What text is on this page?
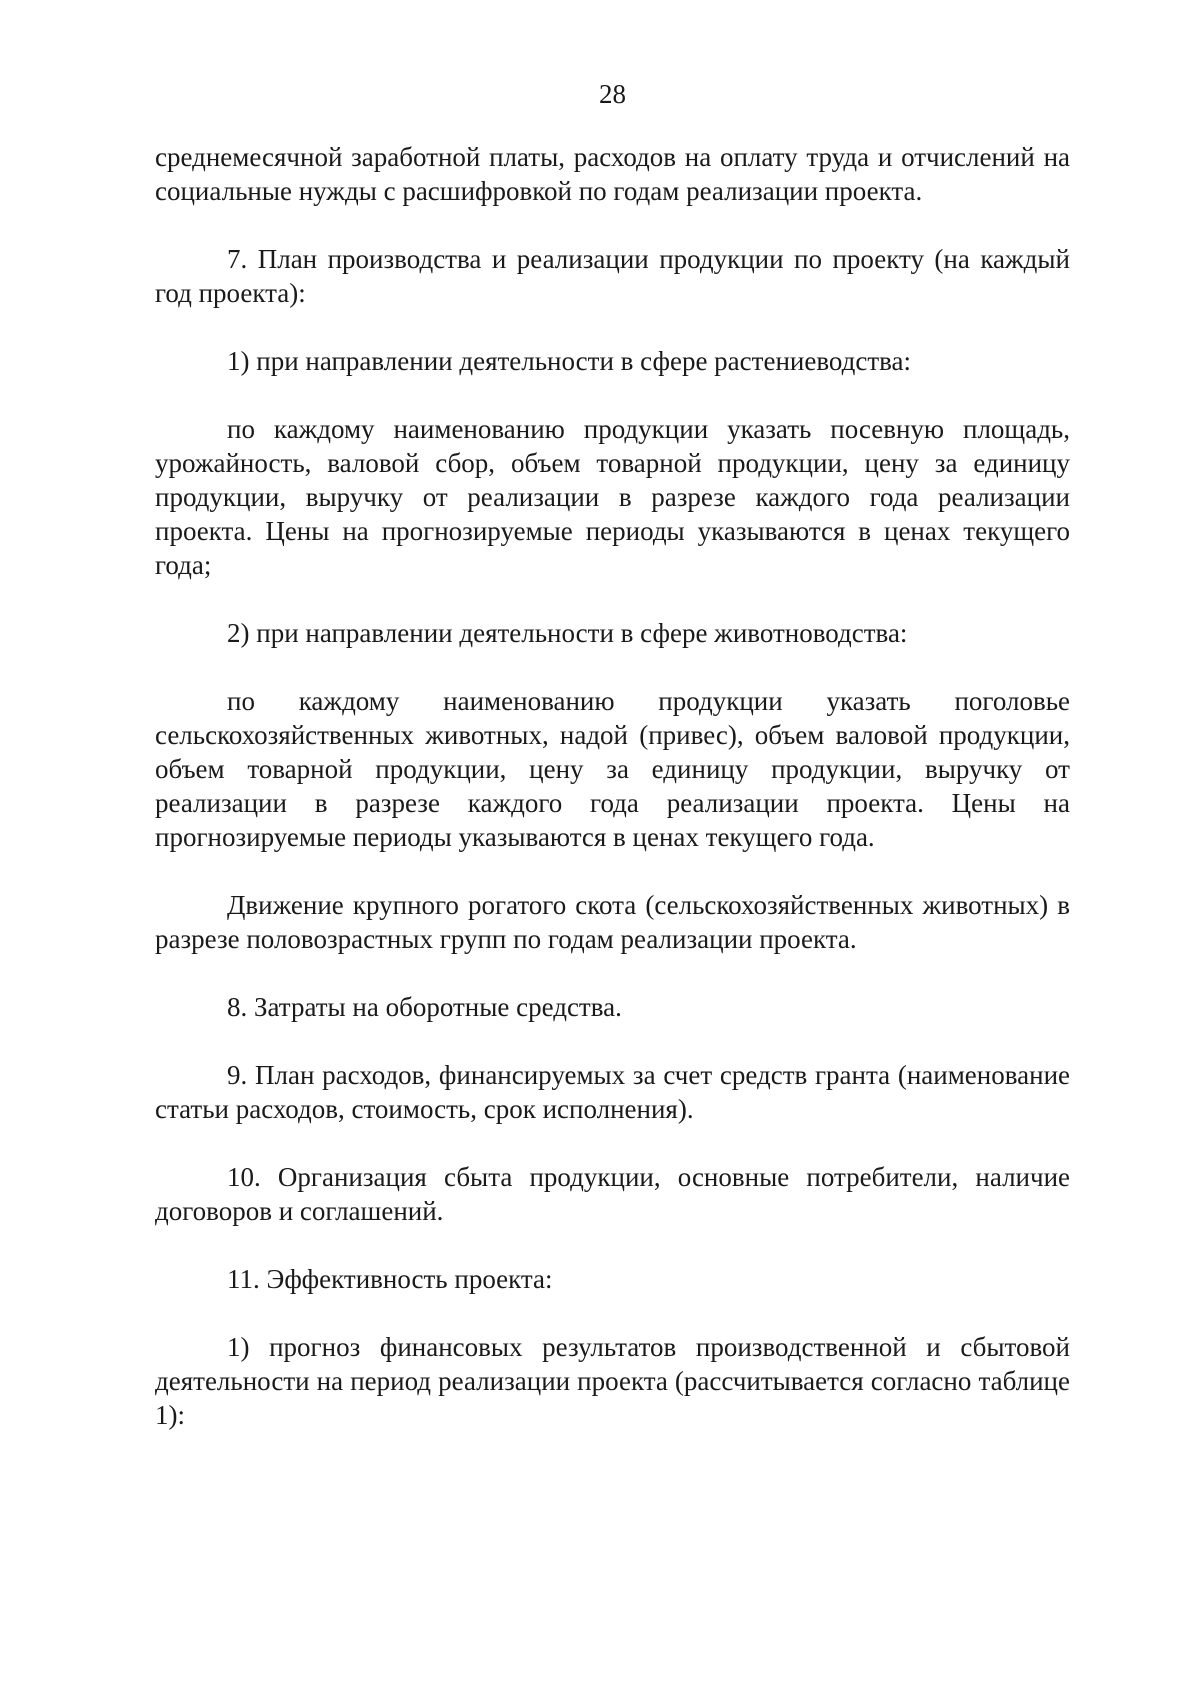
28

среднемесячной заработной платы, расходов на оплату труда и отчислений на социальные нужды с расшифровкой по годам реализации проекта.

7. План производства и реализации продукции по проекту (на каждый год проекта):

1) при направлении деятельности в сфере растениеводства:

по каждому наименованию продукции указать посевную площадь, урожайность, валовой сбор, объем товарной продукции, цену за единицу продукции, выручку от реализации в разрезе каждого года реализации проекта. Цены на прогнозируемые периоды указываются в ценах текущего года;

2) при направлении деятельности в сфере животноводства:

по каждому наименованию продукции указать поголовье сельскохозяйственных животных, надой (привес), объем валовой продукции, объем товарной продукции, цену за единицу продукции, выручку от реализации в разрезе каждого года реализации проекта. Цены на прогнозируемые периоды указываются в ценах текущего года.

Движение крупного рогатого скота (сельскохозяйственных животных) в разрезе половозрастных групп по годам реализации проекта.

8. Затраты на оборотные средства.

9. План расходов, финансируемых за счет средств гранта (наименование статьи расходов, стоимость, срок исполнения).

10. Организация сбыта продукции, основные потребители, наличие договоров и соглашений.

11. Эффективность проекта:

1) прогноз финансовых результатов производственной и сбытовой деятельности на период реализации проекта (рассчитывается согласно таблице 1):
